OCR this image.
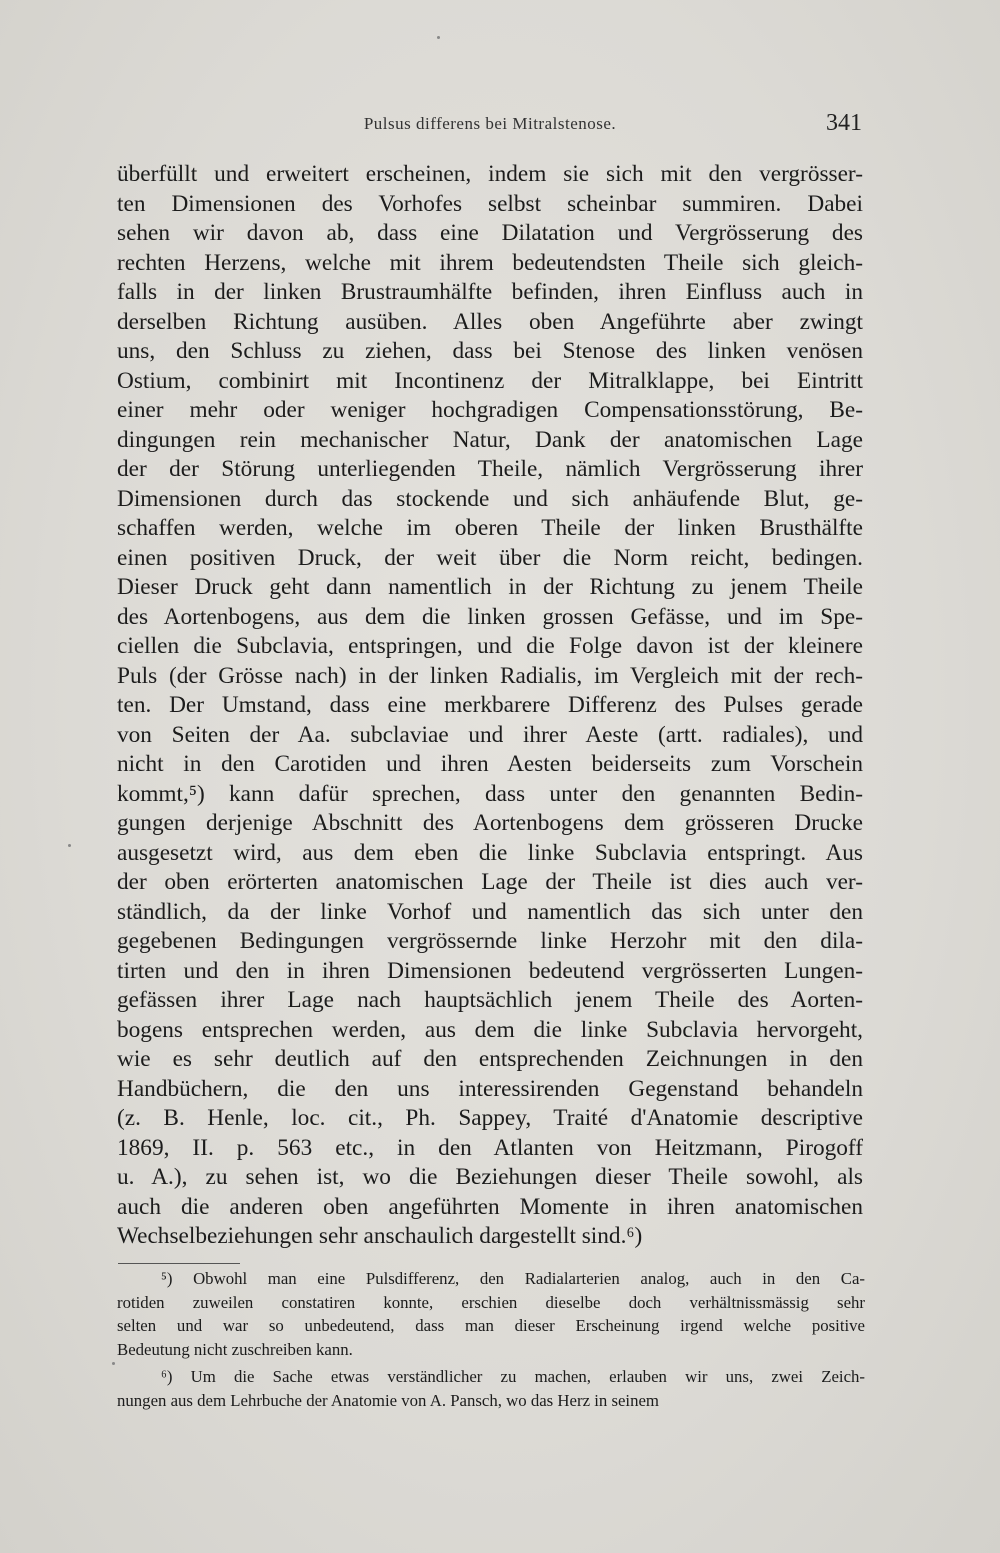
Pulsus differens bei Mitralstenose.	341
überfüllt und erweitert erscheinen, indem sie sich mit den vergrösser-
ten Dimensionen des Vorhofes selbst scheinbar summiren. Dabei
sehen wir davon ab, dass eine Dilatation und Vergrösserung des
rechten Herzens, welche mit ihrem bedeutendsten Theile sich gleich-
falls in der linken Brustraumhälfte befinden, ihren Einfluss auch in
derselben Richtung ausüben. Alles oben Angeführte aber zwingt
uns, den Schluss zu ziehen, dass bei Stenose des linken venösen
Ostium, combinirt mit Incontinenz der Mitralklappe, bei Eintritt
einer mehr oder weniger hochgradigen Compensationsstörung, Be-
dingungen rein mechanischer Natur, Dank der anatomischen Lage
der der Störung unterliegenden Theile, nämlich Vergrösserung ihrer
Dimensionen durch das stockende und sich anhäufende Blut, ge-
schaffen werden, welche im oberen Theile der linken Brusthälfte
einen positiven Druck, der weit über die Norm reicht, bedingen.
Dieser Druck geht dann namentlich in der Richtung zu jenem Theile
des Aortenbogens, aus dem die linken grossen Gefässe, und im Spe-
ciellen die Subclavia, entspringen, und die Folge davon ist der kleinere
Puls (der Grösse nach) in der linken Radialis, im Vergleich mit der rech-
ten. Der Umstand, dass eine merkbarere Differenz des Pulses gerade
von Seiten der Aa. subclaviae und ihrer Aeste (artt. radiales), und
nicht in den Carotiden und ihren Aesten beiderseits zum Vorschein
kommt,⁵) kann dafür sprechen, dass unter den genannten Bedin-
gungen derjenige Abschnitt des Aortenbogens dem grösseren Drucke
ausgesetzt wird, aus dem eben die linke Subclavia entspringt. Aus
der oben erörterten anatomischen Lage der Theile ist dies auch ver-
ständlich, da der linke Vorhof und namentlich das sich unter den
gegebenen Bedingungen vergrössernde linke Herzohr mit den dila-
tirten und den in ihren Dimensionen bedeutend vergrösserten Lungen-
gefässen ihrer Lage nach hauptsächlich jenem Theile des Aorten-
bogens entsprechen werden, aus dem die linke Subclavia hervorgeht,
wie es sehr deutlich auf den entsprechenden Zeichnungen in den
Handbüchern, die den uns interessirenden Gegenstand behandeln
(z. B. Henle, loc. cit., Ph. Sappey, Traité d'Anatomie descriptive
1869, II. p. 563 etc., in den Atlanten von Heitzmann, Pirogoff
u. A.), zu sehen ist, wo die Beziehungen dieser Theile sowohl, als
auch die anderen oben angeführten Momente in ihren anatomischen
Wechselbeziehungen sehr anschaulich dargestellt sind.⁶)
⁵) Obwohl man eine Pulsdifferenz, den Radialarterien analog, auch in den Ca-
rotiden zuweilen constatiren konnte, erschien dieselbe doch verhältnissmässig sehr
selten und war so unbedeutend, dass man dieser Erscheinung irgend welche positive
Bedeutung nicht zuschreiben kann.
⁶) Um die Sache etwas verständlicher zu machen, erlauben wir uns, zwei Zeich-
nungen aus dem Lehrbuche der Anatomie von A. Pansch, wo das Herz in seinem
